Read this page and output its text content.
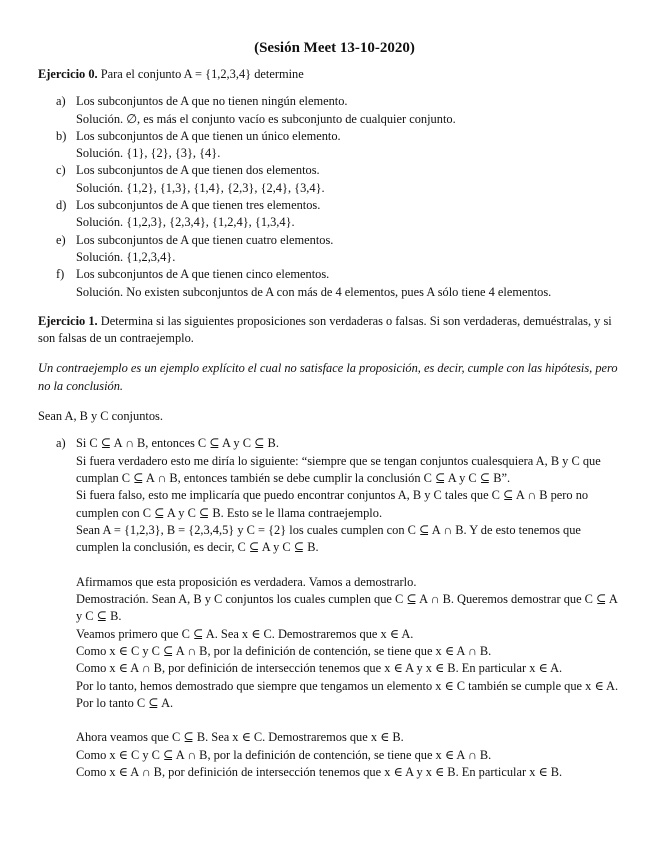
(Sesión Meet 13-10-2020)

Ejercicio 0. Para el conjunto A = {1,2,3,4} determine

a) Los subconjuntos de A que no tienen ningún elemento.
Solución. ∅, es más el conjunto vacío es subconjunto de cualquier conjunto.
b) Los subconjuntos de A que tienen un único elemento.
Solución. {1}, {2}, {3}, {4}.
c) Los subconjuntos de A que tienen dos elementos.
Solución. {1,2}, {1,3}, {1,4}, {2,3}, {2,4}, {3,4}.
d) Los subconjuntos de A que tienen tres elementos.
Solución. {1,2,3}, {2,3,4}, {1,2,4}, {1,3,4}.
e) Los subconjuntos de A que tienen cuatro elementos.
Solución. {1,2,3,4}.
f) Los subconjuntos de A que tienen cinco elementos.
Solución. No existen subconjuntos de A con más de 4 elementos, pues A sólo tiene 4 elementos.

Ejercicio 1. Determina si las siguientes proposiciones son verdaderas o falsas. Si son verdaderas, demuéstralas, y si son falsas de un contraejemplo.

Un contraejemplo es un ejemplo explícito el cual no satisface la proposición, es decir, cumple con las hipótesis, pero no la conclusión.

Sean A, B y C conjuntos.

a) Si C ⊆ A ∩ B, entonces C ⊆ A y C ⊆ B.
Si fuera verdadero esto me diría lo siguiente: “siempre que se tengan conjuntos cualesquiera A, B y C que cumplan C ⊆ A ∩ B, entonces también se debe cumplir la conclusión C ⊆ A y C ⊆ B”.
Si fuera falso, esto me implicaría que puedo encontrar conjuntos A, B y C tales que C ⊆ A ∩ B pero no cumplen con C ⊆ A y C ⊆ B. Esto se le llama contraejemplo.
Sean A = {1,2,3}, B = {2,3,4,5} y C = {2} los cuales cumplen con C ⊆ A ∩ B. Y de esto tenemos que cumplen la conclusión, es decir, C ⊆ A y C ⊆ B.
Afirmamos que esta proposición es verdadera. Vamos a demostrarlo.
Demostración. Sean A, B y C conjuntos los cuales cumplen que C ⊆ A ∩ B. Queremos demostrar que C ⊆ A y C ⊆ B.
Veamos primero que C ⊆ A. Sea x ∈ C. Demostraremos que x ∈ A.
Como x ∈ C y C ⊆ A ∩ B, por la definición de contención, se tiene que x ∈ A ∩ B.
Como x ∈ A ∩ B, por definición de intersección tenemos que x ∈ A y x ∈ B. En particular x ∈ A.
Por lo tanto, hemos demostrado que siempre que tengamos un elemento x ∈ C también se cumple que x ∈ A. Por lo tanto C ⊆ A.
Ahora veamos que C ⊆ B. Sea x ∈ C. Demostraremos que x ∈ B.
Como x ∈ C y C ⊆ A ∩ B, por la definición de contención, se tiene que x ∈ A ∩ B.
Como x ∈ A ∩ B, por definición de intersección tenemos que x ∈ A y x ∈ B. En particular x ∈ B.
